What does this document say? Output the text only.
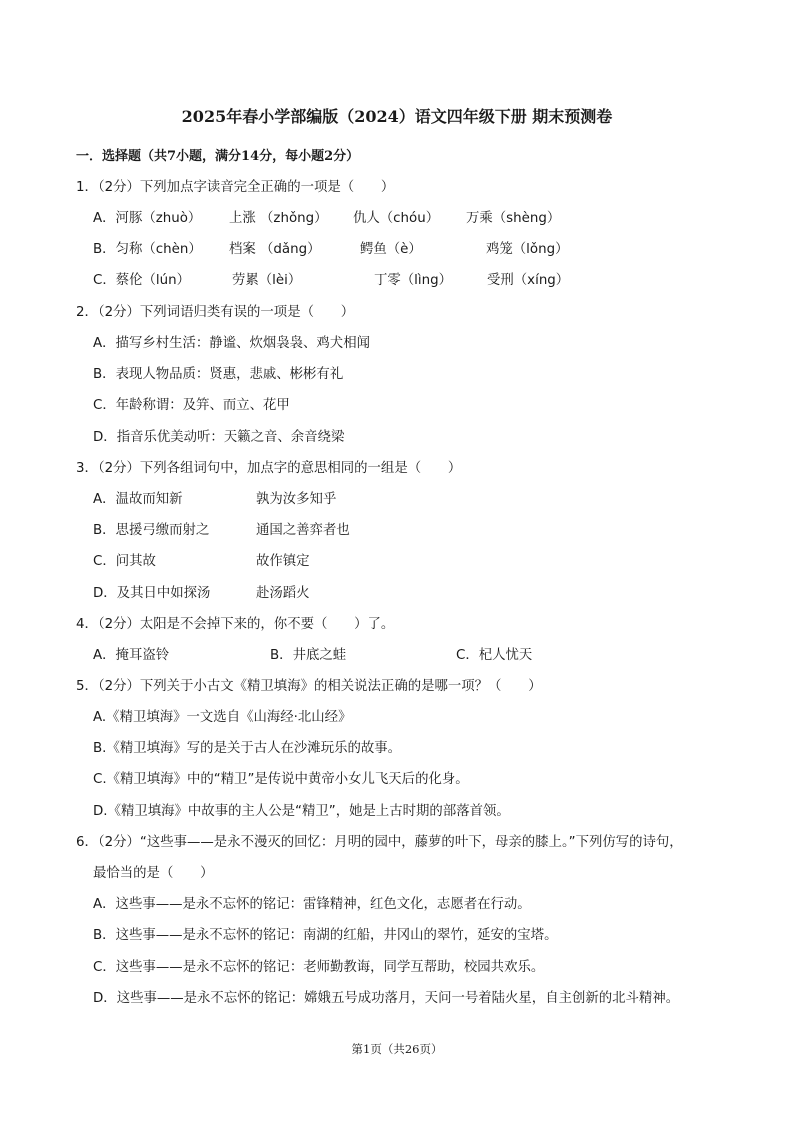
2025年春小学部编版（2024）语文四年级下册 期末预测卷
一．选择题（共7小题，满分14分，每小题2分）
1．（2分）下列加点字读音完全正确的一项是（　　）
A．河豚（zhuò） 上涨 （zhǒng） 仇人（chóu） 万乘（shèng）
B．匀称（chèn） 档案 （dǎng）	鳄鱼（è）	鸡笼（lǒng）
C．蔡伦（lún）	劳累（lèi）	丁零（lìng）	受刑（xíng）
2．（2分）下列词语归类有误的一项是（　　）
A．描写乡村生活：静谧、炊烟袅袅、鸡犬相闻
B．表现人物品质：贤惠，悲戚、彬彬有礼
C．年龄称谓：及笄、而立、花甲
D．指音乐优美动听：天籁之音、余音绕梁
3．（2分）下列各组词句中，加点字的意思相同的一组是（　　）
A．温故而知新	孰为汝多知乎
B．思援弓缴而射之	通国之善弈者也
C．问其故	故作镇定
D．及其日中如探汤	赴汤蹈火
4．（2分）太阳是不会掉下来的，你不要（　　）了。
A．掩耳盗铃	B．井底之蛙	C．杞人忧天
5．（2分）下列关于小古文《精卫填海》的相关说法正确的是哪一项？（　　）
A.《精卫填海》一文选自《山海经·北山经》
B.《精卫填海》写的是关于古人在沙滩玩乐的故事。
C.《精卫填海》中的“精卫”是传说中黄帝小女儿飞天后的化身。
D.《精卫填海》中故事的主人公是“精卫”，她是上古时期的部落首领。
6．（2分）“这些事——是永不漫灭的回忆：月明的园中，藤萝的叶下，母亲的膝上。”下列仿写的诗句，
最恰当的是（　　）
A．这些事——是永不忘怀的铭记：雷锋精神，红色文化，志愿者在行动。
B．这些事——是永不忘怀的铭记：南湖的红船，井冈山的翠竹，延安的宝塔。
C．这些事——是永不忘怀的铭记：老师勤教诲，同学互帮助，校园共欢乐。
D．这些事——是永不忘怀的铭记：嫦娥五号成功落月，天问一号着陆火星，自主创新的北斗精神。
第1页（共26页）
